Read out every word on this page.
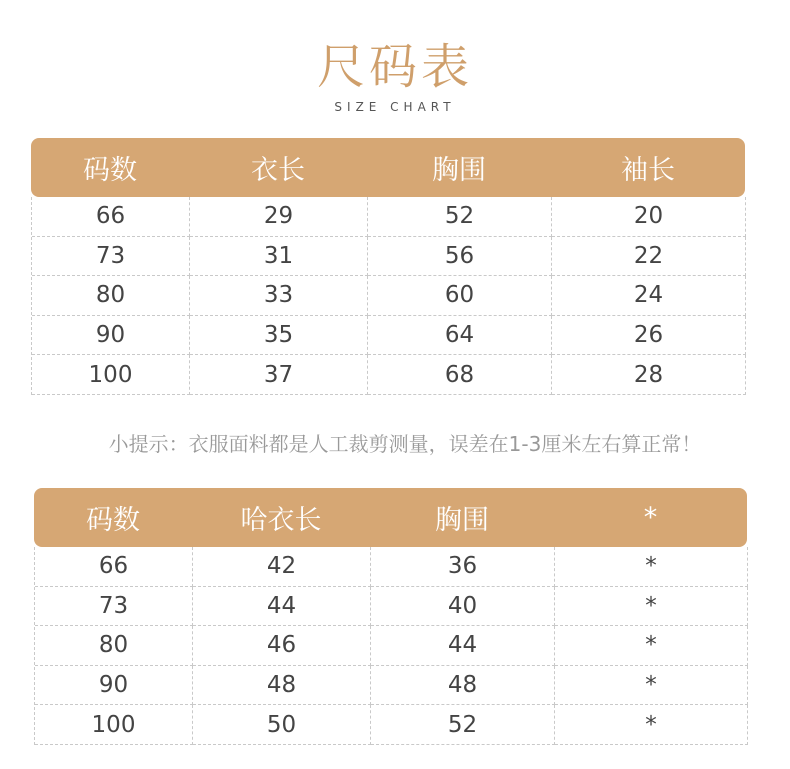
尺码表
SIZE CHART
码数	衣长	胸围	袖长
66	29	52	20
73	31	56	22
80	33	60	24
90	35	64	26
100	37	68	28
小提示：衣服面料都是人工裁剪测量，误差在1-3厘米左右算正常！
码数	哈衣长	胸围	*
66	42	36	*
73	44	40	*
80	46	44	*
90	48	48	*
100	50	52	*
